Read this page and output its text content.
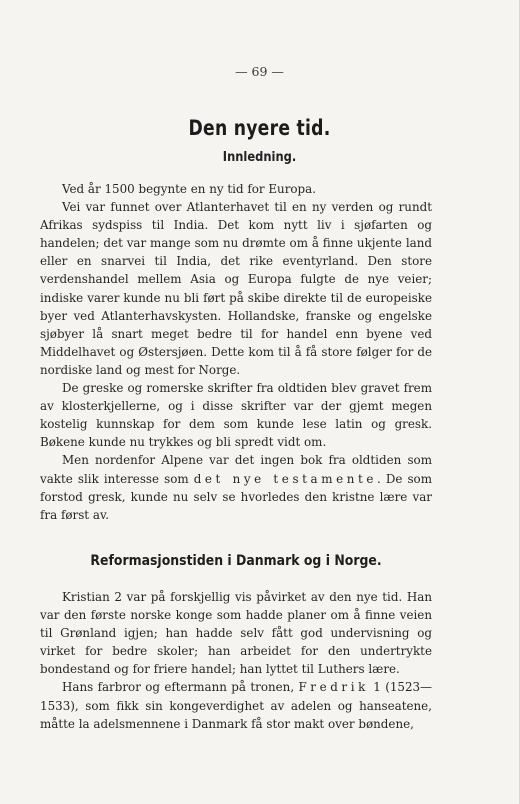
— 69 —
Den nyere tid.
Innledning.

Ved år 1500 begynte en ny tid for Europa.

Vei var funnet over Atlanterhavet til en ny verden og rundt Afrikas sydspiss til India. Det kom nytt liv i sjøfarten og handelen; det var mange som nu drømte om å finne ukjente land eller en snarvei til India, det rike eventyrland. Den store verdenshandel mellem Asia og Europa fulgte de nye veier; indiske varer kunde nu bli ført på skibe direkte til de europeiske byer ved Atlanterhavskysten. Hollandske, franske og engelske sjøbyer lå snart meget bedre til for handel enn byene ved Middelhavet og Østersjøen. Dette kom til å få store følger for de nordiske land og mest for Norge.

De greske og romerske skrifter fra oldtiden blev gravet frem av klosterkjellerne, og i disse skrifter var der gjemt megen kostelig kunnskap for dem som kunde lese latin og gresk. Bøkene kunde nu trykkes og bli spredt vidt om.

Men nordenfor Alpene var det ingen bok fra oldtiden som vakte slik interesse som det nye testamente. De som forstod gresk, kunde nu selv se hvorledes den kristne lære var fra først av.

Reformasjonstiden i Danmark og i Norge.

Kristian 2 var på forskjellig vis påvirket av den nye tid. Han var den første norske konge som hadde planer om å finne veien til Grønland igjen; han hadde selv fått god undervisning og virket for bedre skoler; han arbeidet for den undertrykte bondestand og for friere handel; han lyttet til Luthers lære.

Hans farbror og eftermann på tronen, Fredrik 1 (1523—1533), som fikk sin kongeverdighet av adelen og hanseatene, måtte la adelsmennene i Danmark få stor makt over bøndene,
